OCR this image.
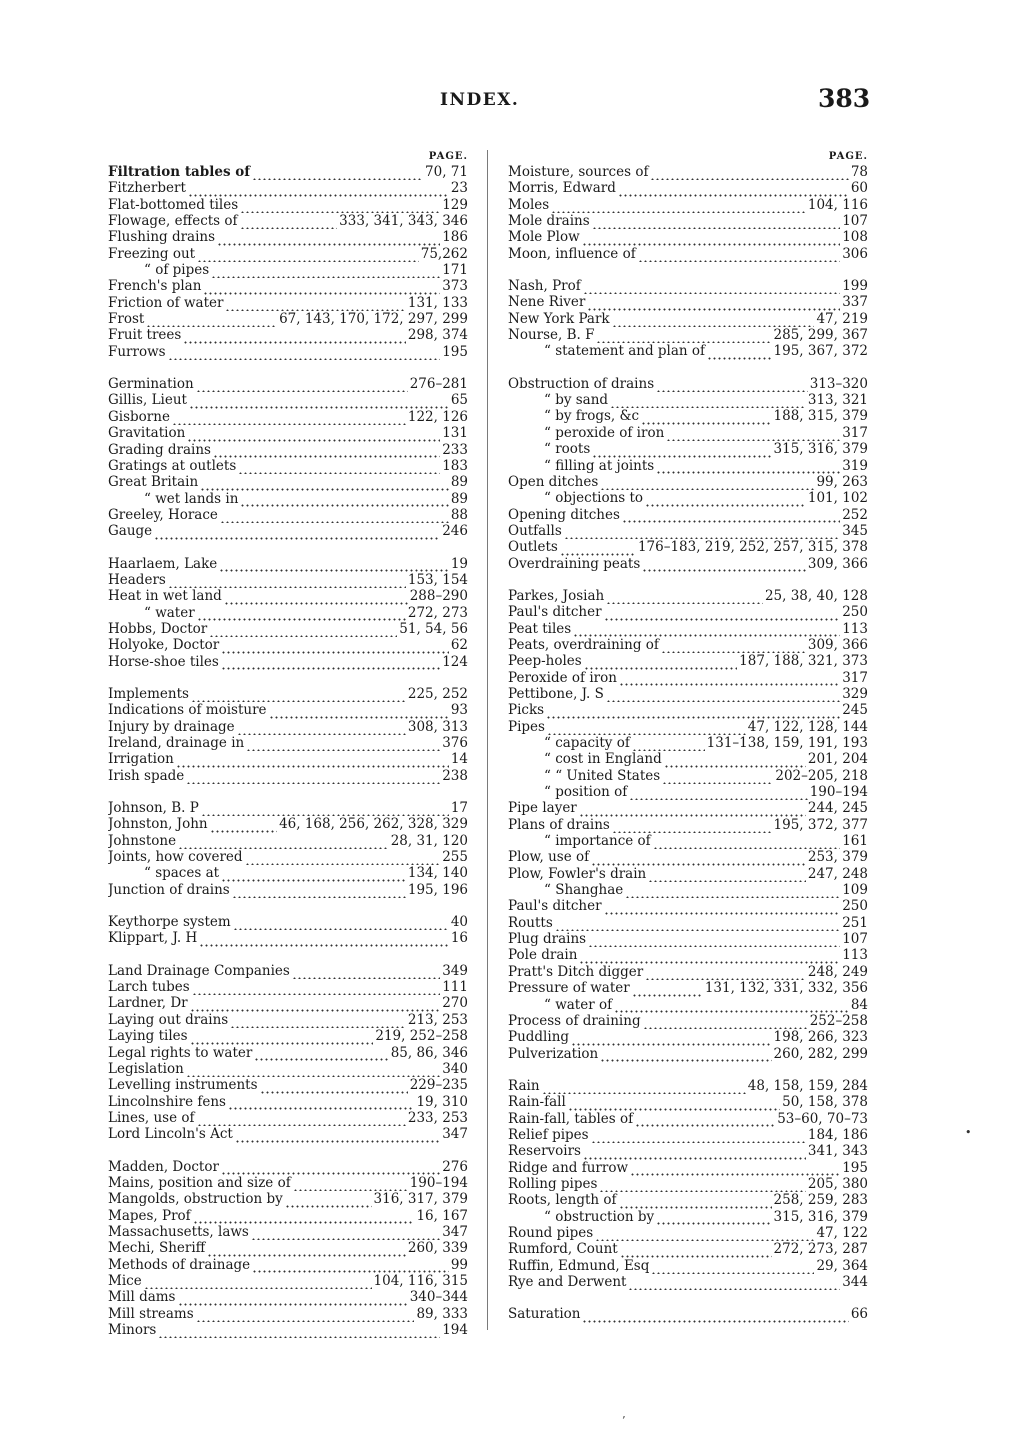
INDEX.	383
PAGE.
Filtration tables of	70, 71
Fitzherbert	23
Flat-bottomed tiles	129
Flowage, effects of	333, 341, 343, 346
Flushing drains	186
Freezing out	75,262
“ of pipes	171
French's plan	373
Friction of water	131, 133
Frost	67, 143, 170, 172, 297, 299
Fruit trees	298, 374
Furrows	195
Germination	276–281
Gillis, Lieut	65
Gisborne	122, 126
Gravitation	131
Grading drains	233
Gratings at outlets	183
Great Britain	89
“ wet lands in	89
Greeley, Horace	88
Gauge	246
Haarlaem, Lake	19
Headers	153, 154
Heat in wet land	288–290
“ water	272, 273
Hobbs, Doctor	51, 54, 56
Holyoke, Doctor	62
Horse-shoe tiles	124
Implements	225, 252
Indications of moisture	93
Injury by drainage	308, 313
Ireland, drainage in	376
Irrigation	14
Irish spade	238
Johnson, B. P	17
Johnston, John	46, 168, 256, 262, 328, 329
Johnstone	28, 31, 120
Joints, how covered	255
“ spaces at	134, 140
Junction of drains	195, 196
Keythorpe system	40
Klippart, J. H	16
Land Drainage Companies	349
Larch tubes	111
Lardner, Dr	270
Laying out drains	213, 253
Laying tiles	219, 252–258
Legal rights to water	85, 86, 346
Legislation	340
Levelling instruments	229–235
Lincolnshire fens	19, 310
Lines, use of	233, 253
Lord Lincoln's Act	347
Madden, Doctor	276
Mains, position and size of	190–194
Mangolds, obstruction by	316, 317, 379
Mapes, Prof	16, 167
Massachusetts, laws	347
Mechi, Sheriff	260, 339
Methods of drainage	99
Mice	104, 116, 315
Mill dams	340–344
Mill streams	89, 333
Minors	194
PAGE.
Moisture, sources of	78
Morris, Edward	60
Moles	104, 116
Mole drains	107
Mole Plow	108
Moon, influence of	306
Nash, Prof	199
Nene River	337
New York Park	47, 219
Nourse, B. F	285, 299, 367
“ statement and plan of	195, 367, 372
Obstruction of drains	313–320
“ by sand	313, 321
“ by frogs, &c	188, 315, 379
“ peroxide of iron	317
“ roots	315, 316, 379
“ filling at joints	319
Open ditches	99, 263
“ objections to	101, 102
Opening ditches	252
Outfalls	345
Outlets	176–183, 219, 252, 257, 315, 378
Overdraining peats	309, 366
Parkes, Josiah	25, 38, 40, 128
Paul's ditcher	250
Peat tiles	113
Peats, overdraining of	309, 366
Peep-holes	187, 188, 321, 373
Peroxide of iron	317
Pettibone, J. S	329
Picks	245
Pipes	47, 122, 128, 144
“ capacity of	131–138, 159, 191, 193
“ cost in England	201, 204
“ “ United States	202–205, 218
“ position of	190–194
Pipe layer	244, 245
Plans of drains	195, 372, 377
“ importance of	161
Plow, use of	253, 379
Plow, Fowler's drain	247, 248
“ Shanghae	109
Paul's ditcher	250
Routts	251
Plug drains	107
Pole drain	113
Pratt's Ditch digger	248, 249
Pressure of water	131, 132, 331, 332, 356
“ water of	84
Process of draining	252–258
Puddling	198, 266, 323
Pulverization	260, 282, 299
Rain	48, 158, 159, 284
Rain-fall	50, 158, 378
Rain-fall, tables of	53–60, 70–73
Relief pipes	184, 186
Reservoirs	341, 343
Ridge and furrow	195
Rolling pipes	205, 380
Roots, length of	258, 259, 283
“ obstruction by	315, 316, 379
Round pipes	47, 122
Rumford, Count	272, 273, 287
Ruffin, Edmund, Esq	29, 364
Rye and Derwent	344
Saturation	66
•
’
